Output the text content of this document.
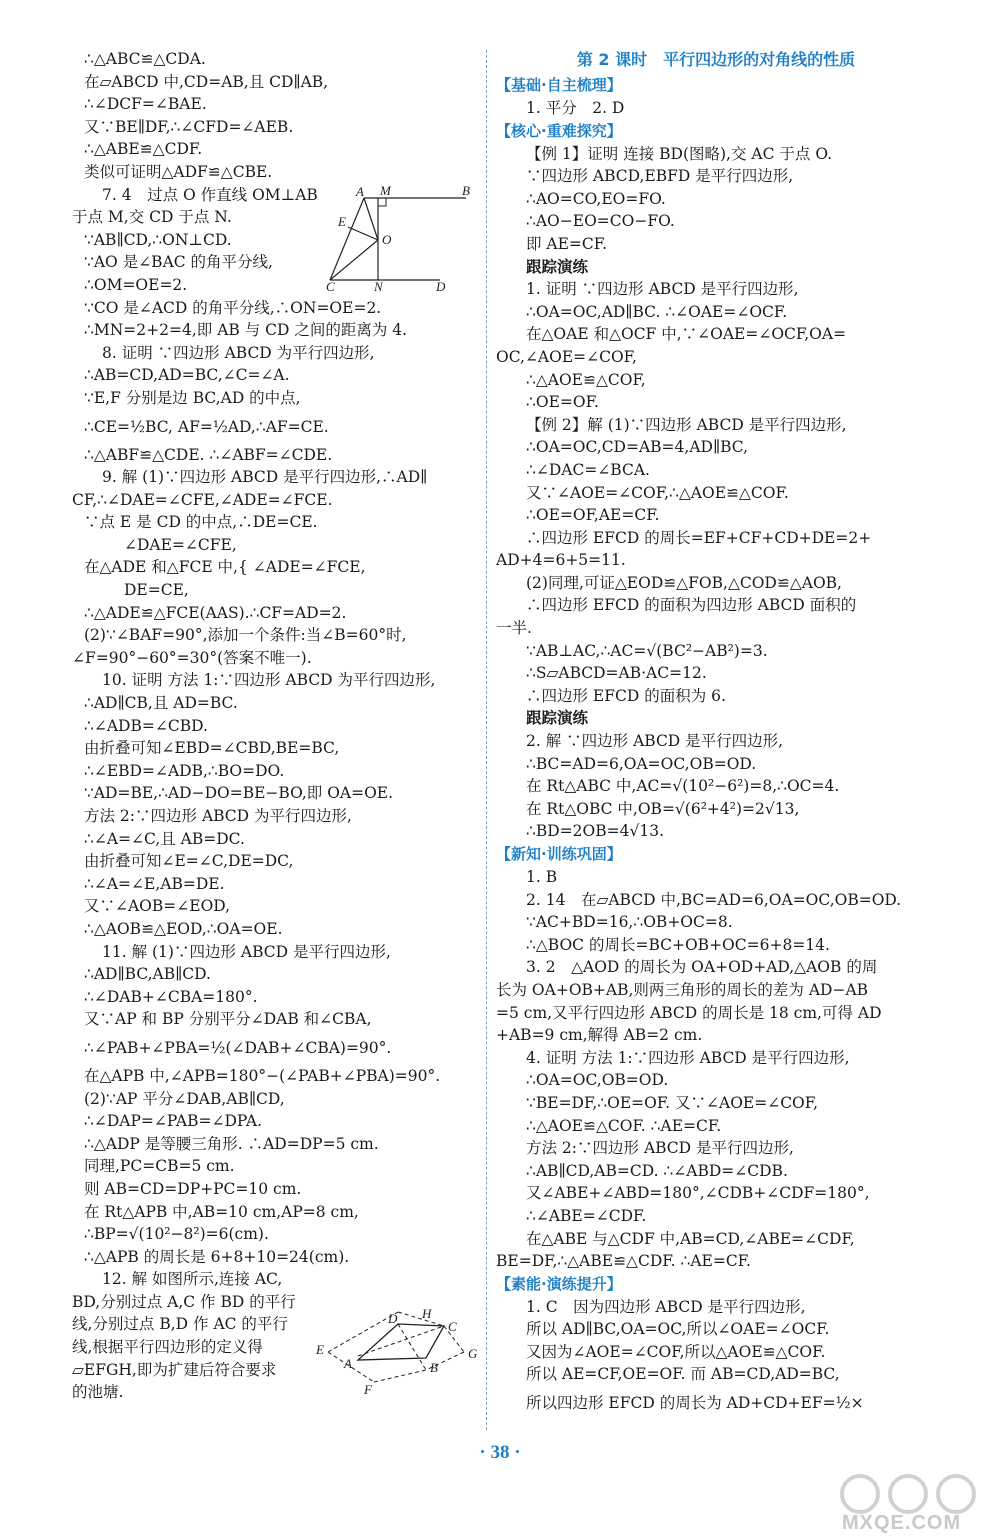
∴△ABC≌△CDA.
在▱ABCD 中,CD=AB,且 CD∥AB,
∴∠DCF=∠BAE.
又∵BE∥DF,∴∠CFD=∠AEB.
∴△ABE≌△CDF.
类似可证明△ADF≌△CBE.
7. 4　过点 O 作直线 OM⊥AB
于点 M,交 CD 于点 N.
∵AB∥CD,∴ON⊥CD.
∵AO 是∠BAC 的角平分线,
∴OM=OE=2.
∵CO 是∠ACD 的角平分线,∴ON=OE=2.
∴MN=2+2=4,即 AB 与 CD 之间的距离为 4.
8. 证明 ∵四边形 ABCD 为平行四边形,
∴AB=CD,AD=BC,∠C=∠A.
∵E,F 分别是边 BC,AD 的中点,
∴CE=½BC, AF=½AD,∴AF=CE.
∴△ABF≌△CDE. ∴∠ABF=∠CDE.
9. 解 (1)∵四边形 ABCD 是平行四边形,∴AD∥
CF,∴∠DAE=∠CFE,∠ADE=∠FCE.
∵点 E 是 CD 的中点,∴DE=CE.
∠DAE=∠CFE,
在△ADE 和△FCE 中,{ ∠ADE=∠FCE,
DE=CE,
∴△ADE≌△FCE(AAS).∴CF=AD=2.
(2)∵∠BAF=90°,添加一个条件:当∠B=60°时,
∠F=90°−60°=30°(答案不唯一).
10. 证明 方法 1:∵四边形 ABCD 为平行四边形,
∴AD∥CB,且 AD=BC.
∴∠ADB=∠CBD.
由折叠可知∠EBD=∠CBD,BE=BC,
∴∠EBD=∠ADB,∴BO=DO.
∵AD=BE,∴AD−DO=BE−BO,即 OA=OE.
方法 2:∵四边形 ABCD 为平行四边形,
∴∠A=∠C,且 AB=DC.
由折叠可知∠E=∠C,DE=DC,
∴∠A=∠E,AB=DE.
又∵∠AOB=∠EOD,
∴△AOB≌△EOD,∴OA=OE.
11. 解 (1)∵四边形 ABCD 是平行四边形,
∴AD∥BC,AB∥CD.
∴∠DAB+∠CBA=180°.
又∵AP 和 BP 分别平分∠DAB 和∠CBA,
∴∠PAB+∠PBA=½(∠DAB+∠CBA)=90°.
在△APB 中,∠APB=180°−(∠PAB+∠PBA)=90°.
(2)∵AP 平分∠DAB,AB∥CD,
∴∠DAP=∠PAB=∠DPA.
∴△ADP 是等腰三角形. ∴AD=DP=5 cm.
同理,PC=CB=5 cm.
则 AB=CD=DP+PC=10 cm.
在 Rt△APB 中,AB=10 cm,AP=8 cm,
∴BP=√(10²−8²)=6(cm).
∴△APB 的周长是 6+8+10=24(cm).
12. 解 如图所示,连接 AC,
BD,分别过点 A,C 作 BD 的平行
线,分别过点 B,D 作 AC 的平行
线,根据平行四边形的定义得
▱EFGH,即为扩建后符合要求
的池塘.
第 2 课时　平行四边形的对角线的性质
【基础·自主梳理】
1. 平分　2. D
【核心·重难探究】
【例 1】证明 连接 BD(图略),交 AC 于点 O.
∵四边形 ABCD,EBFD 是平行四边形,
∴AO=CO,EO=FO.
∴AO−EO=CO−FO.
即 AE=CF.
跟踪演练
1. 证明 ∵四边形 ABCD 是平行四边形,
∴OA=OC,AD∥BC. ∴∠OAE=∠OCF.
在△OAE 和△OCF 中,∵∠OAE=∠OCF,OA=
OC,∠AOE=∠COF,
∴△AOE≌△COF,
∴OE=OF.
【例 2】解 (1)∵四边形 ABCD 是平行四边形,
∴OA=OC,CD=AB=4,AD∥BC,
∴∠DAC=∠BCA.
又∵∠AOE=∠COF,∴△AOE≌△COF.
∴OE=OF,AE=CF.
∴四边形 EFCD 的周长=EF+CF+CD+DE=2+
AD+4=6+5=11.
(2)同理,可证△EOD≌△FOB,△COD≌△AOB,
∴四边形 EFCD 的面积为四边形 ABCD 面积的
一半.
∵AB⊥AC,∴AC=√(BC²−AB²)=3.
∴S▱ABCD=AB·AC=12.
∴四边形 EFCD 的面积为 6.
跟踪演练
2. 解 ∵四边形 ABCD 是平行四边形,
∴BC=AD=6,OA=OC,OB=OD.
在 Rt△ABC 中,AC=√(10²−6²)=8,∴OC=4.
在 Rt△OBC 中,OB=√(6²+4²)=2√13,
∴BD=2OB=4√13.
【新知·训练巩固】
1. B
2. 14　在▱ABCD 中,BC=AD=6,OA=OC,OB=OD.
∵AC+BD=16,∴OB+OC=8.
∴△BOC 的周长=BC+OB+OC=6+8=14.
3. 2　△AOD 的周长为 OA+OD+AD,△AOB 的周
长为 OA+OB+AB,则两三角形的周长的差为 AD−AB
=5 cm,又平行四边形 ABCD 的周长是 18 cm,可得 AD
+AB=9 cm,解得 AB=2 cm.
4. 证明 方法 1:∵四边形 ABCD 是平行四边形,
∴OA=OC,OB=OD.
∵BE=DF,∴OE=OF. 又∵∠AOE=∠COF,
∴△AOE≌△COF. ∴AE=CF.
方法 2:∵四边形 ABCD 是平行四边形,
∴AB∥CD,AB=CD. ∴∠ABD=∠CDB.
又∠ABE+∠ABD=180°,∠CDB+∠CDF=180°,
∴∠ABE=∠CDF.
在△ABE 与△CDF 中,AB=CD,∠ABE=∠CDF,
BE=DF,∴△ABE≌△CDF. ∴AE=CF.
【素能·演练提升】
1. C　因为四边形 ABCD 是平行四边形,
所以 AD∥BC,OA=OC,所以∠OAE=∠OCF.
又因为∠AOE=∠COF,所以△AOE≌△COF.
所以 AE=CF,OE=OF. 而 AB=CD,AD=BC,
所以四边形 EFCD 的周长为 AD+CD+EF=½×
A M	B
E
O
C	N	D
H
D
C
E	G
A	B
F
· 38 ·
MXQE.COM
